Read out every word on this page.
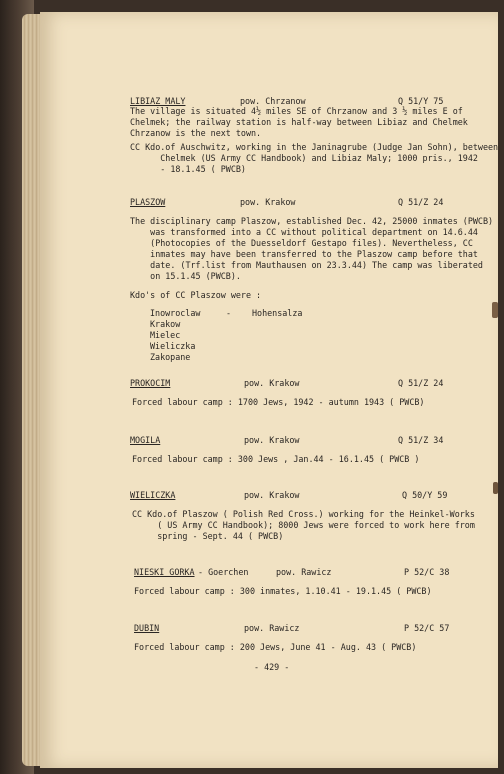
LIBIAZ MALY	pow. Chrzanow	Q 51/Y 75
The village is situated 4½ miles SE of Chrzanow and 3 ½ miles E of
Chelmek; the railway station is half-way between Libiaz and Chelmek
Chrzanow is the next town.
CC Kdo.of Auschwitz, working in the Janinagrube (Judge Jan Sohn), between
Chelmek (US Army CC Handbook) and Libiaz Maly; 1000 pris., 1942
- 18.1.45 ( PWCB)
PLASZOW	pow. Krakow	Q 51/Z 24
The disciplinary camp Plaszow, established Dec. 42, 25000 inmates (PWCB)
was transformed into a CC without political department on 14.6.44
(Photocopies of the Duesseldorf Gestapo files). Nevertheless, CC
inmates may have been transferred to the Plaszow camp before that
date. (Trf.list from Mauthausen on 23.3.44) The camp was liberated
on 15.1.45 (PWCB).
Kdo's of CC Plaszow were :
Inowroclaw	- Hohensalza
Krakow
Mielec
Wieliczka
Zakopane
PROKOCIM	pow. Krakow	Q 51/Z 24
Forced labour camp : 1700 Jews, 1942 - autumn 1943 ( PWCB)
MOGILA	pow. Krakow	Q 51/Z 34
Forced labour camp : 300 Jews , Jan.44 - 16.1.45 ( PWCB )
WIELICZKA	pow. Krakow	Q 50/Y 59
CC Kdo.of Plaszow ( Polish Red Cross.) working for the Heinkel-Works
( US Army CC Handbook); 8000 Jews were forced to work here from
spring - Sept. 44 ( PWCB)
NIESKI GORKA - Goerchen	pow. Rawicz	P 52/C 38
Forced labour camp : 300 inmates, 1.10.41 - 19.1.45 ( PWCB)
DUBIN	pow. Rawicz	P 52/C 57
Forced labour camp : 200 Jews, June 41 - Aug. 43 ( PWCB)
- 429 -
